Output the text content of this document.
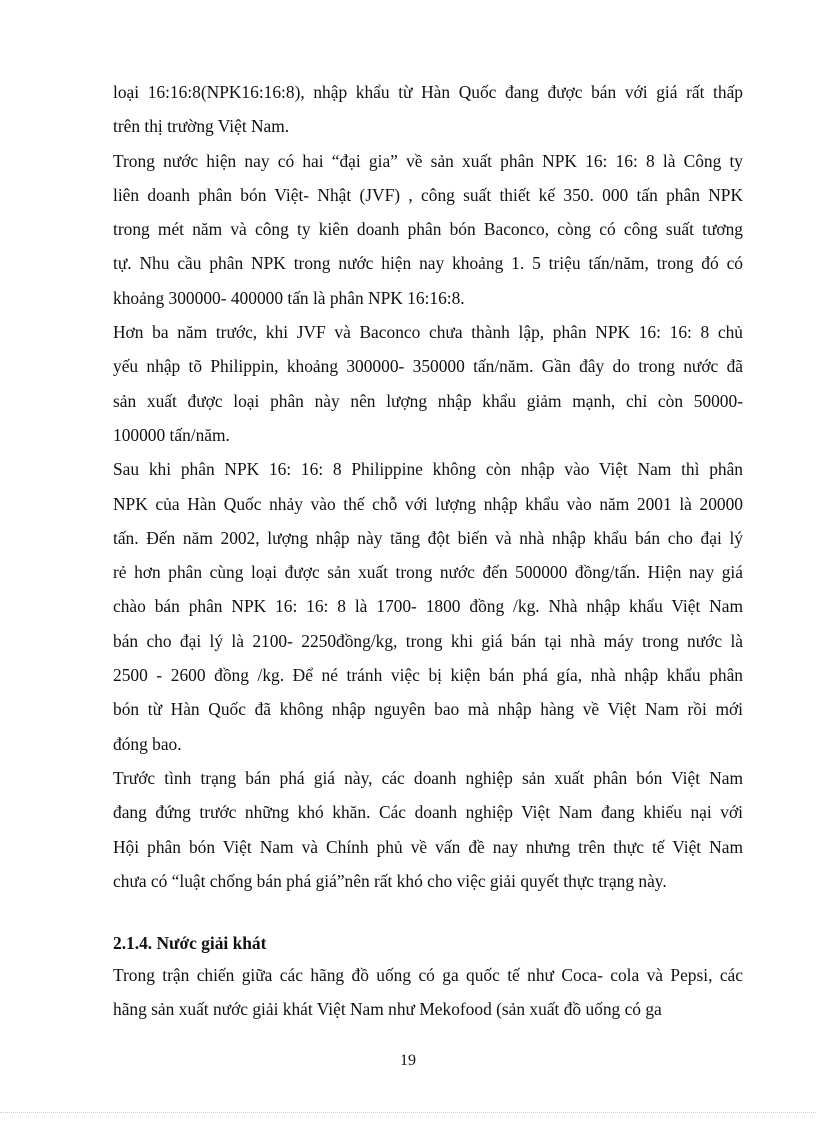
loại 16:16:8(NPK16:16:8), nhập khẩu từ Hàn Quốc đang được bán với giá rất thấp
trên thị trường Việt Nam.
Trong nước hiện nay có hai “đại gia” về sản xuất phân NPK 16: 16: 8 là Công ty
liên doanh phân bón Việt- Nhật (JVF) , công suất thiết kế 350. 000 tấn phân NPK
trong mét năm và công ty kiên doanh phân bón Baconco, còng có công suất tương
tự. Nhu cầu phân NPK trong nước hiện nay khoảng 1. 5 triệu tấn/năm, trong đó có
khoảng 300000- 400000 tấn là phân NPK 16:16:8.
Hơn ba năm trước, khi JVF và Baconco chưa thành lập, phân NPK 16: 16: 8 chủ
yếu nhập tõ Philippin, khoảng 300000- 350000 tấn/năm. Gần đây do trong nước đã
sản xuất được loại phân này nên lượng nhập khẩu giảm mạnh, chỉ còn 50000-
100000 tấn/năm.
Sau khi phân NPK 16: 16: 8 Philippine không còn nhập vào Việt Nam thì phân
NPK của Hàn Quốc nhảy vào thế chỗ với lượng nhập khẩu vào năm 2001 là 20000
tấn. Đến năm 2002, lượng nhập này tăng đột biến và nhà nhập khẩu bán cho đại lý
rẻ hơn phân cùng loại được sản xuất trong nước đến 500000 đồng/tấn. Hiện nay giá
chào bán phân NPK 16: 16: 8 là 1700- 1800 đồng /kg. Nhà nhập khẩu Việt Nam
bán cho đại lý là 2100- 2250đồng/kg, trong khi giá bán tại nhà máy trong nước là
2500 - 2600 đồng /kg. Để né tránh việc bị kiện bán phá gía, nhà nhập khẩu phân
bón từ Hàn Quốc đã không nhập nguyên bao mà nhập hàng về Việt Nam rồi mới
đóng bao.
Trước tình trạng bán phá giá này, các doanh nghiệp sản xuất phân bón Việt Nam
đang đứng trước những khó khăn. Các doanh nghiệp Việt Nam đang khiếu nại với
Hội phân bón Việt Nam và Chính phủ về vấn đề nay nhưng trên thực tế Việt Nam
chưa có “luật chống bán phá giá”nên rất khó cho việc giải quyết thực trạng này.
2.1.4. Nước giải khát
Trong trận chiến giữa các hãng đồ uống có ga quốc tế như Coca- cola và Pepsi, các
hãng sản xuất nước giải khát Việt Nam như Mekofood (sản xuất đồ uống có ga
19
